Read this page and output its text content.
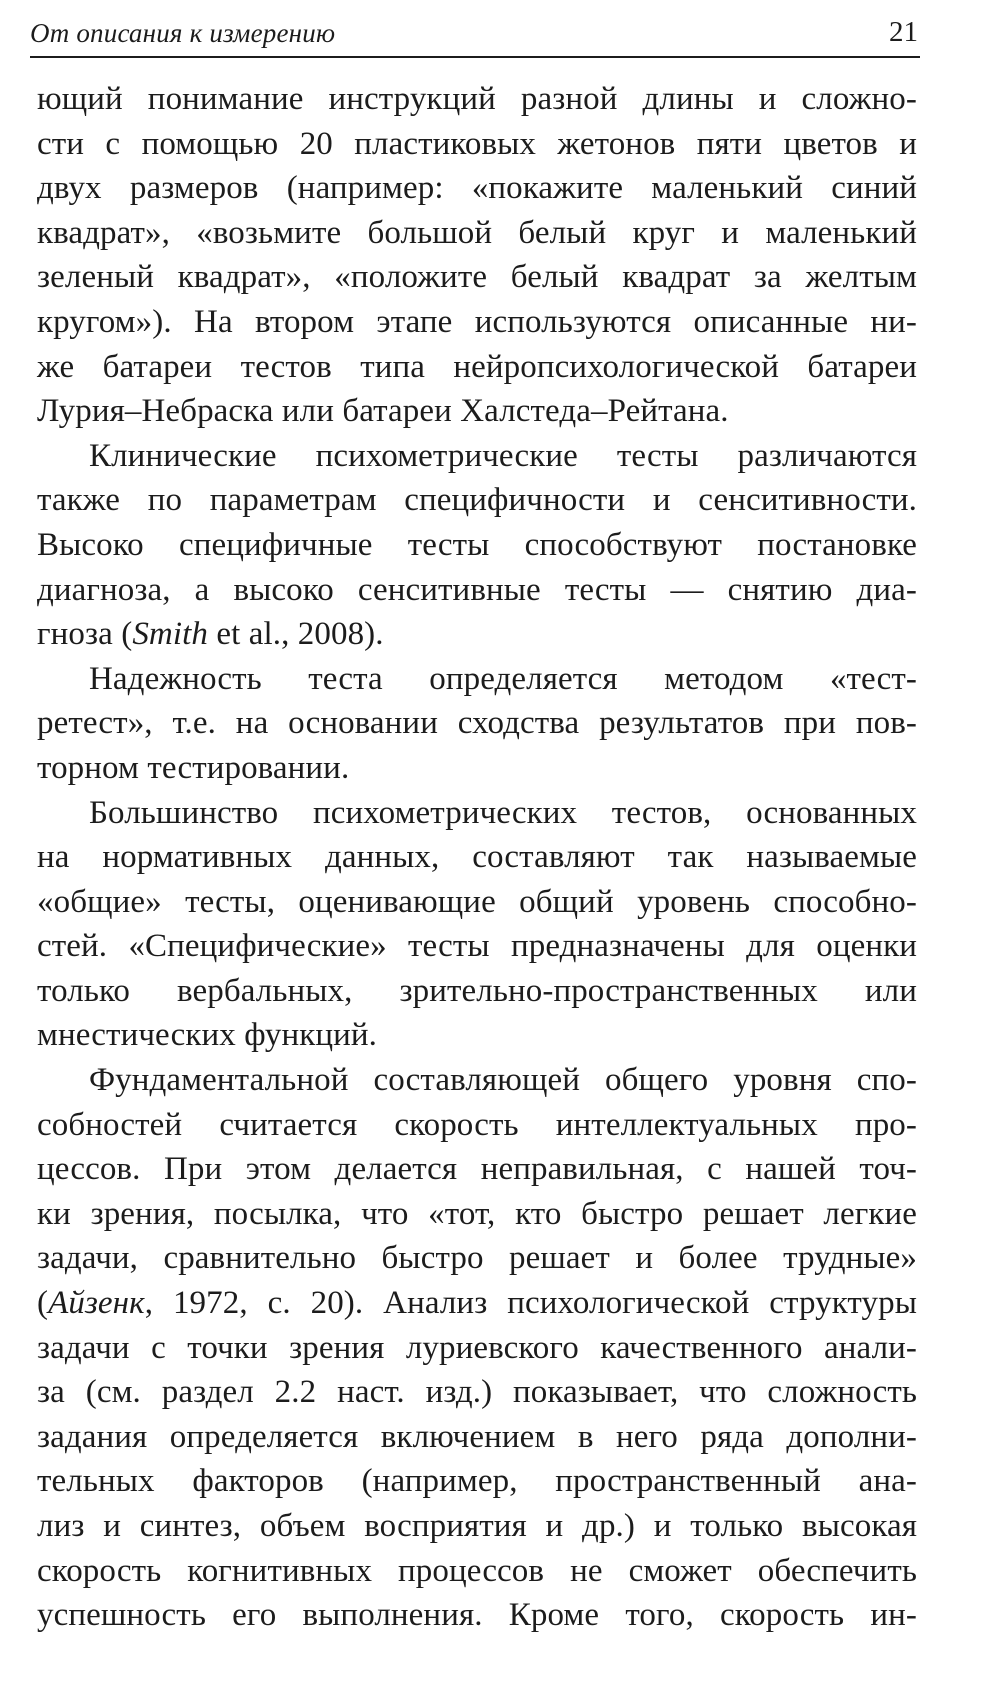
От описания к измерению	21
ющий понимание инструкций разной длины и сложно-
сти с помощью 20 пластиковых жетонов пяти цветов и
двух размеров (например: «покажите маленький синий
квадрат», «возьмите большой белый круг и маленький
зеленый квадрат», «положите белый квадрат за желтым
кругом»). На втором этапе используются описанные ни-
же батареи тестов типа нейропсихологической батареи
Лурия–Небраска или батареи Халстеда–Рейтана.
Клинические психометрические тесты различаются
также по параметрам специфичности и сенситивности.
Высоко специфичные тесты способствуют постановке
диагноза, а высоко сенситивные тесты — снятию диа-
гноза (Smith et al., 2008).
Надежность теста определяется методом «тест-
ретест», т.е. на основании сходства результатов при пов-
торном тестировании.
Большинство психометрических тестов, основанных
на нормативных данных, составляют так называемые
«общие» тесты, оценивающие общий уровень способно-
стей. «Специфические» тесты предназначены для оценки
только вербальных, зрительно-пространственных или
мнестических функций.
Фундаментальной составляющей общего уровня спо-
собностей считается скорость интеллектуальных про-
цессов. При этом делается неправильная, с нашей точ-
ки зрения, посылка, что «тот, кто быстро решает легкие
задачи, сравнительно быстро решает и более трудные»
(Айзенк, 1972, с. 20). Анализ психологической структуры
задачи с точки зрения луриевского качественного анали-
за (см. раздел 2.2 наст. изд.) показывает, что сложность
задания определяется включением в него ряда дополни-
тельных факторов (например, пространственный ана-
лиз и синтез, объем восприятия и др.) и только высокая
скорость когнитивных процессов не сможет обеспечить
успешность его выполнения. Кроме того, скорость ин-
